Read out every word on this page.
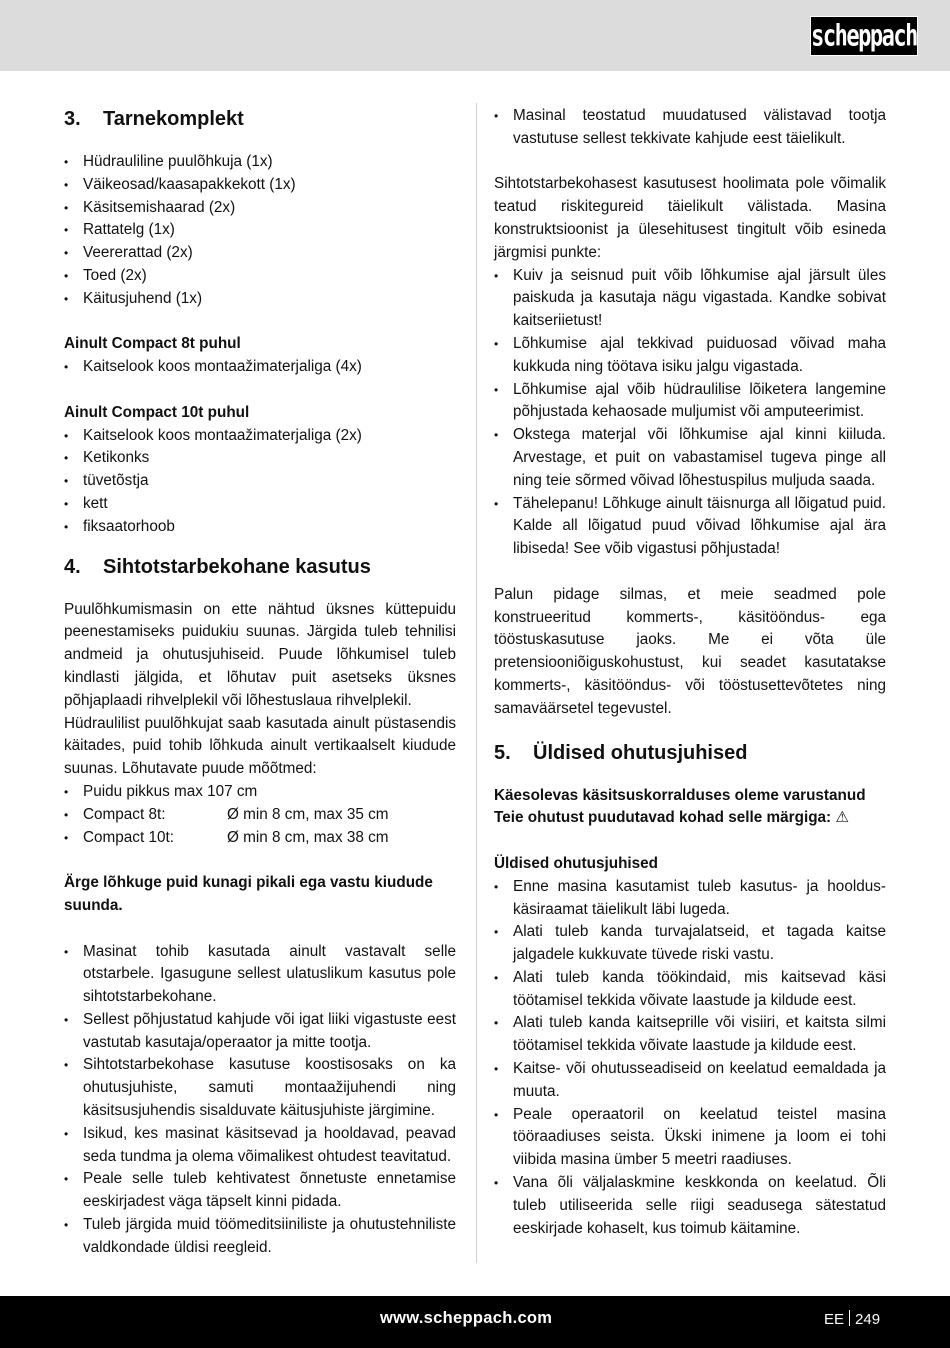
scheppach
3.	Tarnekomplekt
• Hüdrauliline puulõhkuja (1x)
• Väikeosad/kaasapakkekott (1x)
• Käsitsemishaarad (2x)
• Rattatelg (1x)
• Veererattad (2x)
• Toed (2x)
• Käitusjuhend (1x)
Ainult Compact 8t puhul
• Kaitselook koos montaažimaterjaliga (4x)
Ainult Compact 10t puhul
• Kaitselook koos montaažimaterjaliga (2x)
• Ketikonks
• tüvetõstja
• kett
• fiksaatorhoob
4.	Sihtotstarbekohane kasutus

Puulõhkumismasin on ette nähtud üksnes küttepuidu peenestamiseks puidukiu suunas. Järgida tuleb tehnilisi andmeid ja ohutusjuhiseid. Puude lõhkumisel tuleb kindlasti jälgida, et lõhutav puit asetseks üksnes põhjaplaadi rihvelplekil või lõhestuslaua rihvelplekil.

Hüdraulilist puulõhkujat saab kasutada ainult püstasendis käitades, puid tohib lõhkuda ainult vertikaalselt kiudude suunas. Lõhutavate puude mõõtmed:

• Puidu pikkus max 107 cm
• Compact 8t:	Ø min 8 cm, max 35 cm
• Compact 10t:	Ø min 8 cm, max 38 cm

Ärge lõhkuge puid kunagi pikali ega vastu kiudude suunda.

• Masinat tohib kasutada ainult vastavalt selle otstarbele. Igasugune sellest ulatuslikum kasutus pole sihtotstarbekohane.
• Sellest põhjustatud kahjude või igat liiki vigastuste eest vastutab kasutaja/operaator ja mitte tootja.
• Sihtotstarbekohase kasutuse koostisosaks on ka ohutusjuhiste, samuti montaažijuhendi ning käsitsusjuhendis sisalduvate käitusjuhiste järgimine.
• Isikud, kes masinat käsitsevad ja hooldavad, peavad seda tundma ja olema võimalikest ohtudest teavitatud.
• Peale selle tuleb kehtivatest õnnetuste ennetamise eeskirjadest väga täpselt kinni pidada.
• Tuleb järgida muid töömeditsiiniliste ja ohutustehniliste valdkondade üldisi reegleid.
• Masinal teostatud muudatused välistavad tootja vastutuse sellest tekkivate kahjude eest täielikult.

Sihtotstarbekohasest kasutusest hoolimata pole võimalik teatud riskitegureid täielikult välistada. Masina konstruktsioonist ja ülesehitusest tingitult võib esineda järgmisi punkte:

• Kuiv ja seisnud puit võib lõhkumise ajal järsult üles paiskuda ja kasutaja nägu vigastada. Kandke sobivat kaitseriietust!
• Lõhkumise ajal tekkivad puiduosad võivad maha kukkuda ning töötava isiku jalgu vigastada.
• Lõhkumise ajal võib hüdraulilise lõiketera langemine põhjustada kehaosade muljumist või amputeerimist.
• Okstega materjal või lõhkumise ajal kinni kiiluda. Arvestage, et puit on vabastamisel tugeva pinge all ning teie sõrmed võivad lõhestuspilus muljuda saada.
• Tähelepanu! Lõhkuge ainult täisnurga all lõigatud puid. Kalde all lõigatud puud võivad lõhkumise ajal ära libiseda! See võib vigastusi põhjustada!

Palun pidage silmas, et meie seadmed pole konstrueeritud kommerts-, käsitööndus- ega tööstuskasutuse jaoks. Me ei võta üle pretensiooniõiguskohustust, kui seadet kasutatakse kommerts-, käsitööndus- või tööstusettevõtetes ning samaväärsetel tegevustel.

5.	Üldised ohutusjuhised

Käesolevas käsitsuskorralduses oleme varustanud Teie ohutust puudutavad kohad selle märgiga: ⚠

Üldised ohutusjuhised
• Enne masina kasutamist tuleb kasutus- ja hoolduskäsiraamat täielikult läbi lugeda.
• Alati tuleb kanda turvajalatseid, et tagada kaitse jalgadele kukkuvate tüvede riski vastu.
• Alati tuleb kanda töökindaid, mis kaitsevad käsi töötamisel tekkida võivate laastude ja kildude eest.
• Alati tuleb kanda kaitseprille või visiiri, et kaitsta silmi töötamisel tekkida võivate laastude ja kildude eest.
• Kaitse- või ohutusseadiseid on keelatud eemaldada ja muuta.
• Peale operaatoril on keelatud teistel masina tööraadiuses seista. Ükski inimene ja loom ei tohi viibida masina ümber 5 meetri raadiuses.
• Vana õli väljalaskmine keskkonda on keelatud. Õli tuleb utiliseerida selle riigi seadusega sätestatud eeskirjade kohaselt, kus toimub käitamine.
www.scheppach.com	EE 249
